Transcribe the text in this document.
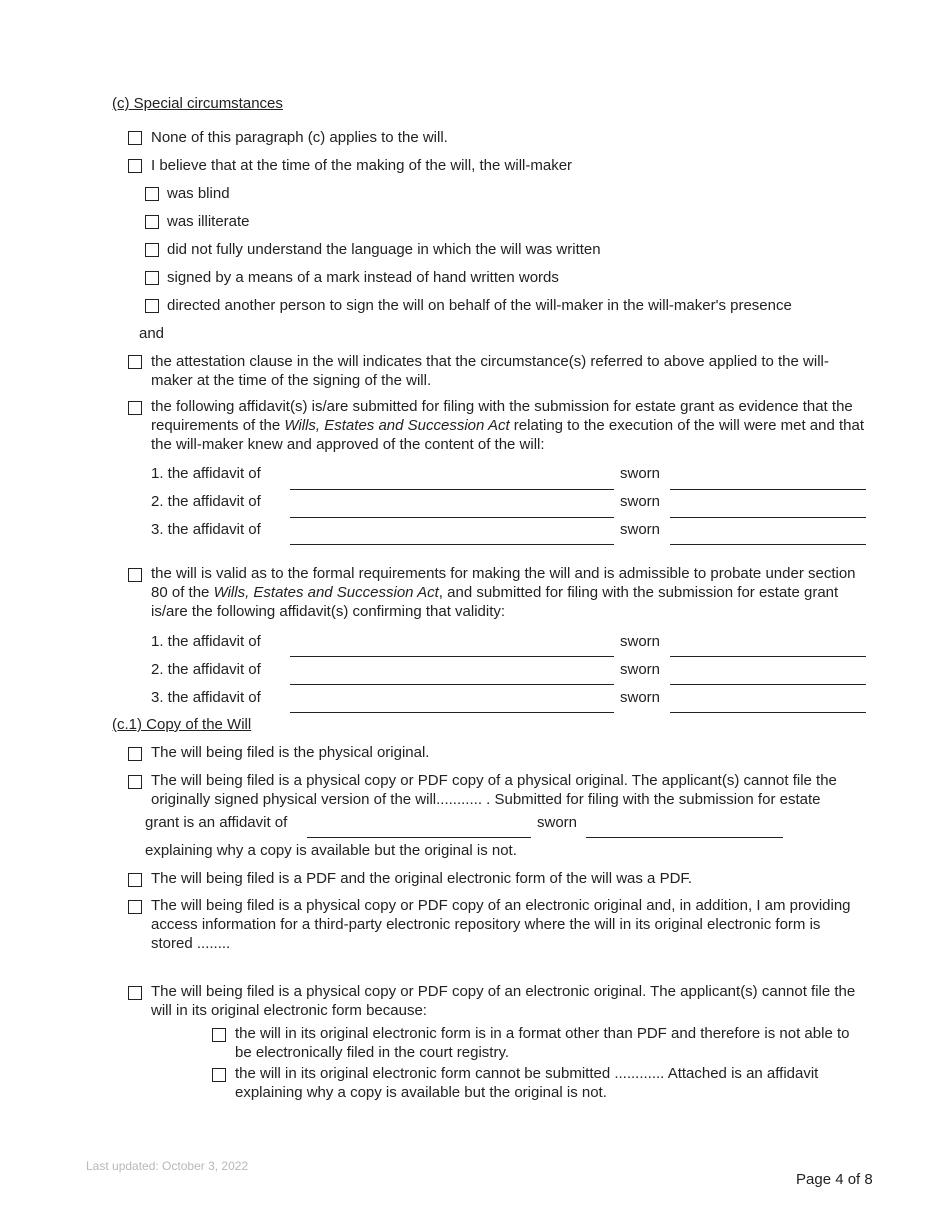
(c) Special circumstances
None of this paragraph (c) applies to the will.
I believe that at the time of the making of the will, the will-maker
was blind
was illiterate
did not fully understand the language in which the will was written
signed by a means of a mark instead of hand written words
directed another person to sign the will on behalf of the will-maker in the will-maker's presence
and
the attestation clause in the will indicates that the circumstance(s) referred to above applied to the will-maker at the time of the signing of the will.
the following affidavit(s) is/are submitted for filing with the submission for estate grant as evidence that the requirements of the Wills, Estates and Succession Act relating to the execution of the will were met and that the will-maker knew and approved of the content of the will:
1. the affidavit of	sworn
2. the affidavit of	sworn
3. the affidavit of	sworn
the will is valid as to the formal requirements for making the will and is admissible to probate under section 80 of the Wills, Estates and Succession Act, and submitted for filing with the submission for estate grant is/are the following affidavit(s) confirming that validity:
1. the affidavit of	sworn
2. the affidavit of	sworn
3. the affidavit of	sworn
(c.1) Copy of the Will
The will being filed is the physical original.
The will being filed is a physical copy or PDF copy of a physical original. The applicant(s) cannot file the originally signed physical version of the will........... . Submitted for filing with the submission for estate
grant is an affidavit of	sworn
explaining why a copy is available but the original is not.
The will being filed is a PDF and the original electronic form of the will was a PDF.
The will being filed is a physical copy or PDF copy of an electronic original and, in addition, I am providing access information for a third-party electronic repository where the will in its original electronic form is stored ........
The will being filed is a physical copy or PDF copy of an electronic original. The applicant(s) cannot file the will in its original electronic form because:
the will in its original electronic form is in a format other than PDF and therefore is not able to be electronically filed in the court registry.
the will in its original electronic form cannot be submitted ............ Attached is an affidavit explaining why a copy is available but the original is not.
Last updated: October 3, 2022
Page 4 of 8
